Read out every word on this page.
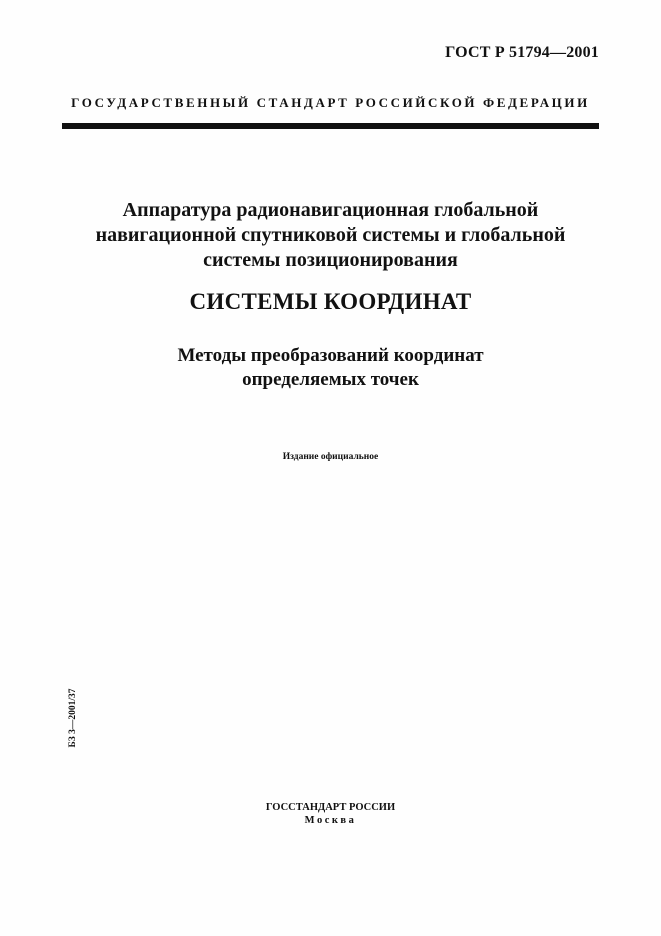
ГОСТ Р 51794—2001
ГОСУДАРСТВЕННЫЙ СТАНДАРТ РОССИЙСКОЙ ФЕДЕРАЦИИ
Аппаратура радионавигационная глобальной
навигационной спутниковой системы и глобальной
системы позиционирования
СИСТЕМЫ КООРДИНАТ
Методы преобразований координат
определяемых точек
Издание официальное
БЗ 3—2001/37
ГОССТАНДАРТ РОССИИ
Москва
